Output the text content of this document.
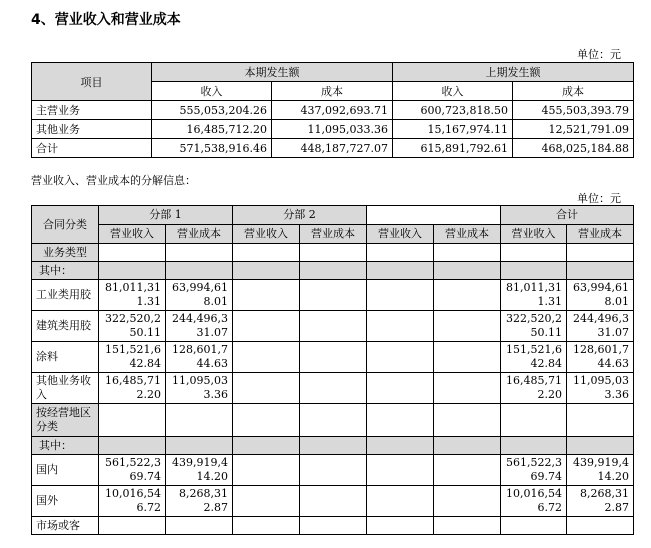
4、营业收入和营业成本
单位：元
项目	本期发生额		上期发生额	
	收入	成本	收入	成本
主营业务	555,053,204.26	437,092,693.71	600,723,818.50	455,503,393.79
其他业务	16,485,712.20	11,095,033.36	15,167,974.11	12,521,791.09
合计	571,538,916.46	448,187,727.07	615,891,792.61	468,025,184.88
营业收入、营业成本的分解信息：
单位：元
合同分类	分部 1		分部 2				合计	
	营业收入	营业成本	营业收入	营业成本	营业收入	营业成本	营业收入	营业成本
业务类型								
其中：								
工业类用胶	81,011,311.31	63,994,618.01					81,011,311.31	63,994,618.01
建筑类用胶	322,520,250.11	244,496,331.07					322,520,250.11	244,496,331.07
涂料	151,521,642.84	128,601,744.63					151,521,642.84	128,601,744.63
其他业务收入	16,485,712.20	11,095,033.36					16,485,712.20	11,095,033.36
按经营地区分类								
其中：								
国内	561,522,369.74	439,919,414.20					561,522,369.74	439,919,414.20
国外	10,016,546.72	8,268,312.87					10,016,546.72	8,268,312.87
市场或客								
